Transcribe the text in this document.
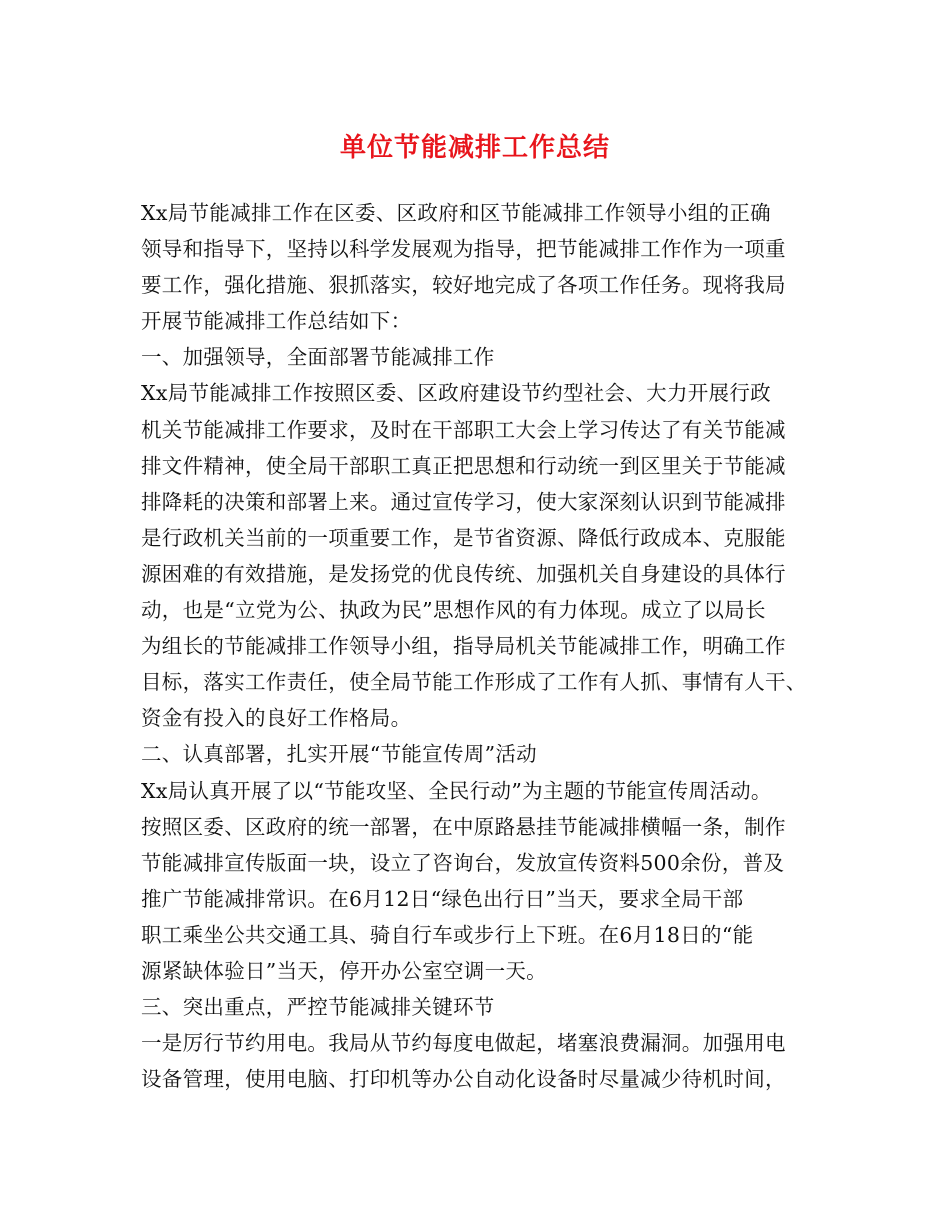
单位节能减排工作总结
Xx局节能减排工作在区委、区政府和区节能减排工作领导小组的正确
领导和指导下，坚持以科学发展观为指导，把节能减排工作作为一项重
要工作，强化措施、狠抓落实，较好地完成了各项工作任务。现将我局
开展节能减排工作总结如下：
一、加强领导，全面部署节能减排工作
Xx局节能减排工作按照区委、区政府建设节约型社会、大力开展行政
机关节能减排工作要求，及时在干部职工大会上学习传达了有关节能减
排文件精神，使全局干部职工真正把思想和行动统一到区里关于节能减
排降耗的决策和部署上来。通过宣传学习，使大家深刻认识到节能减排
是行政机关当前的一项重要工作，是节省资源、降低行政成本、克服能
源困难的有效措施，是发扬党的优良传统、加强机关自身建设的具体行
动，也是“立党为公、执政为民”思想作风的有力体现。成立了以局长
为组长的节能减排工作领导小组，指导局机关节能减排工作，明确工作
目标，落实工作责任，使全局节能工作形成了工作有人抓、事情有人干、
资金有投入的良好工作格局。
二、认真部署，扎实开展“节能宣传周”活动
Xx局认真开展了以“节能攻坚、全民行动”为主题的节能宣传周活动。
按照区委、区政府的统一部署，在中原路悬挂节能减排横幅一条，制作
节能减排宣传版面一块，设立了咨询台，发放宣传资料500余份，普及
推广节能减排常识。在6月12日“绿色出行日”当天，要求全局干部
职工乘坐公共交通工具、骑自行车或步行上下班。在6月18日的“能
源紧缺体验日”当天，停开办公室空调一天。
三、突出重点，严控节能减排关键环节
一是厉行节约用电。我局从节约每度电做起，堵塞浪费漏洞。加强用电
设备管理，使用电脑、打印机等办公自动化设备时尽量减少待机时间，
